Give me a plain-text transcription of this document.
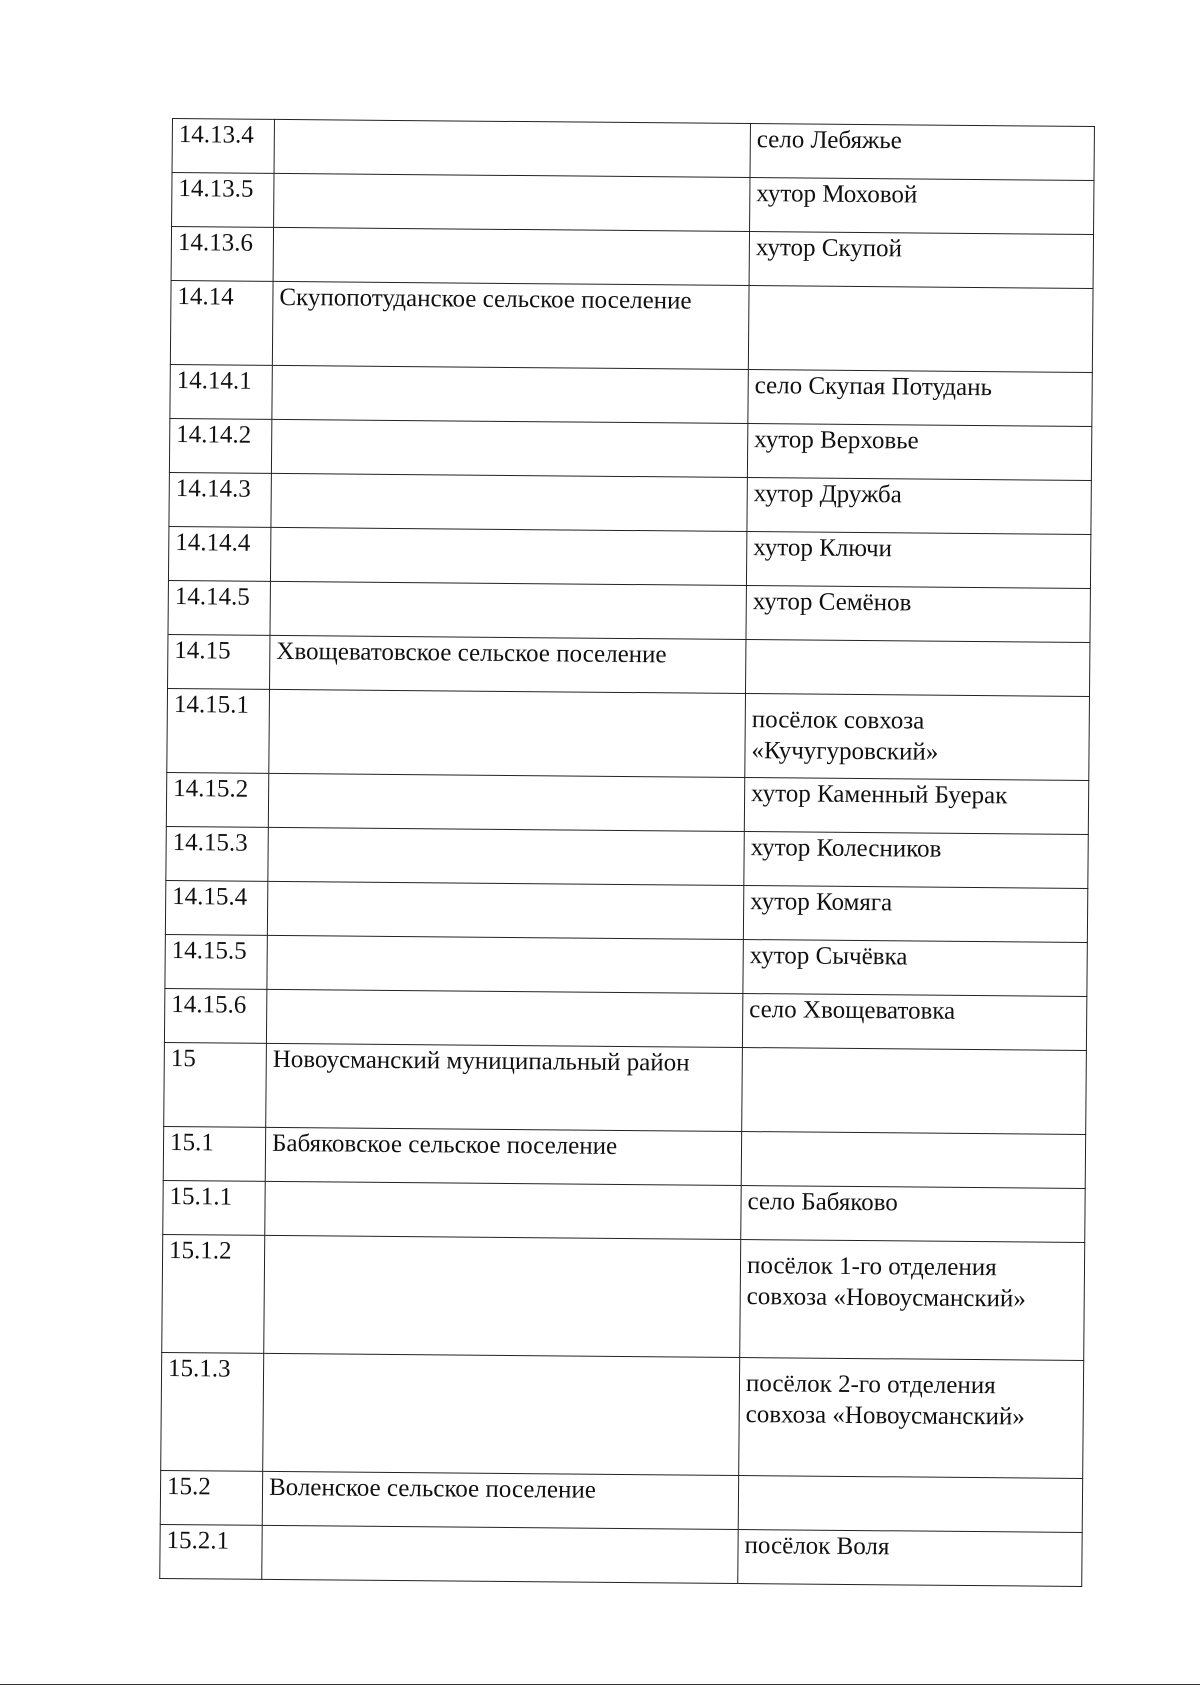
14.13.4		село Лебяжье
14.13.5		хутор Моховой
14.13.6		хутор Скупой
14.14	Скупопотуданское сельское поселение	
14.14.1		село Скупая Потудань
14.14.2		хутор Верховье
14.14.3		хутор Дружба
14.14.4		хутор Ключи
14.14.5		хутор Семёнов
14.15	Хвощеватовское сельское поселение	
14.15.1		посёлок совхоза «Кучугуровский»
14.15.2		хутор Каменный Буерак
14.15.3		хутор Колесников
14.15.4		хутор Комяга
14.15.5		хутор Сычёвка
14.15.6		село Хвощеватовка
15	Новоусманский муниципальный район	
15.1	Бабяковское сельское поселение	
15.1.1		село Бабяково
15.1.2		посёлок 1-го отделения совхоза «Новоусманский»
15.1.3		посёлок 2-го отделения совхоза «Новоусманский»
15.2	Воленское сельское поселение	
15.2.1		посёлок Воля
